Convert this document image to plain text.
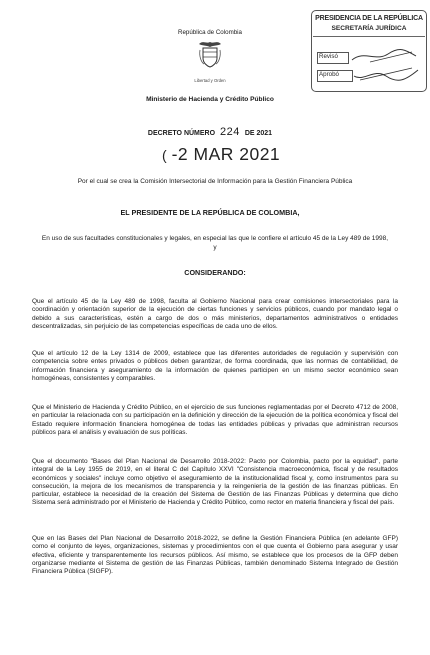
PRESIDENCIA DE LA REPÚBLICA
SECRETARÍA JURÍDICA
Revisó
Aprobó
República de Colombia
Libertad y Orden
Ministerio de Hacienda y Crédito Público
DECRETO NÚMERO 224 DE 2021
( -2 MAR 2021
Por el cual se crea la Comisión Intersectorial de Información para la Gestión Financiera Pública
EL PRESIDENTE DE LA REPÚBLICA DE COLOMBIA,
En uso de sus facultades constitucionales y legales, en especial las que le confiere el artículo 45 de la Ley 489 de 1998, y
CONSIDERANDO:
Que el artículo 45 de la Ley 489 de 1998, faculta al Gobierno Nacional para crear comisiones intersectoriales para la coordinación y orientación superior de la ejecución de ciertas funciones y servicios públicos, cuando por mandato legal o debido a sus características, estén a cargo de dos o más ministerios, departamentos administrativos o entidades descentralizadas, sin perjuicio de las competencias específicas de cada uno de ellos.
Que el artículo 12 de la Ley 1314 de 2009, establece que las diferentes autoridades de regulación y supervisión con competencia sobre entes privados o públicos deben garantizar, de forma coordinada, que las normas de contabilidad, de información financiera y aseguramiento de la información de quienes participen en un mismo sector económico sean homogéneas, consistentes y comparables.
Que el Ministerio de Hacienda y Crédito Público, en el ejercicio de sus funciones reglamentadas por el Decreto 4712 de 2008, en particular la relacionada con su participación en la definición y dirección de la ejecución de la política económica y fiscal del Estado requiere información financiera homogénea de todas las entidades públicas y privadas que administran recursos públicos para el análisis y evaluación de sus políticas.
Que el documento "Bases del Plan Nacional de Desarrollo 2018-2022: Pacto por Colombia, pacto por la equidad", parte integral de la Ley 1955 de 2019, en el literal C del Capítulo XXVI "Consistencia macroeconómica, fiscal y de resultados económicos y sociales" incluye como objetivo el aseguramiento de la institucionalidad fiscal y, como instrumentos para su consecución, la mejora de los mecanismos de transparencia y la reingeniería de la gestión de las finanzas públicas. En particular, establece la necesidad de la creación del Sistema de Gestión de las Finanzas Públicas y determina que dicho Sistema será administrado por el Ministerio de Hacienda y Crédito Público, como rector en materia financiera y fiscal del país.
Que en las Bases del Plan Nacional de Desarrollo 2018-2022, se define la Gestión Financiera Pública (en adelante GFP) como el conjunto de leyes, organizaciones, sistemas y procedimientos con el que cuenta el Gobierno para asegurar y usar efectiva, eficiente y transparentemente los recursos públicos. Así mismo, se establece que los procesos de la GFP deben organizarse mediante el Sistema de gestión de las Finanzas Públicas, también denominado Sistema Integrado de Gestión Financiera Pública (SIGFP).
